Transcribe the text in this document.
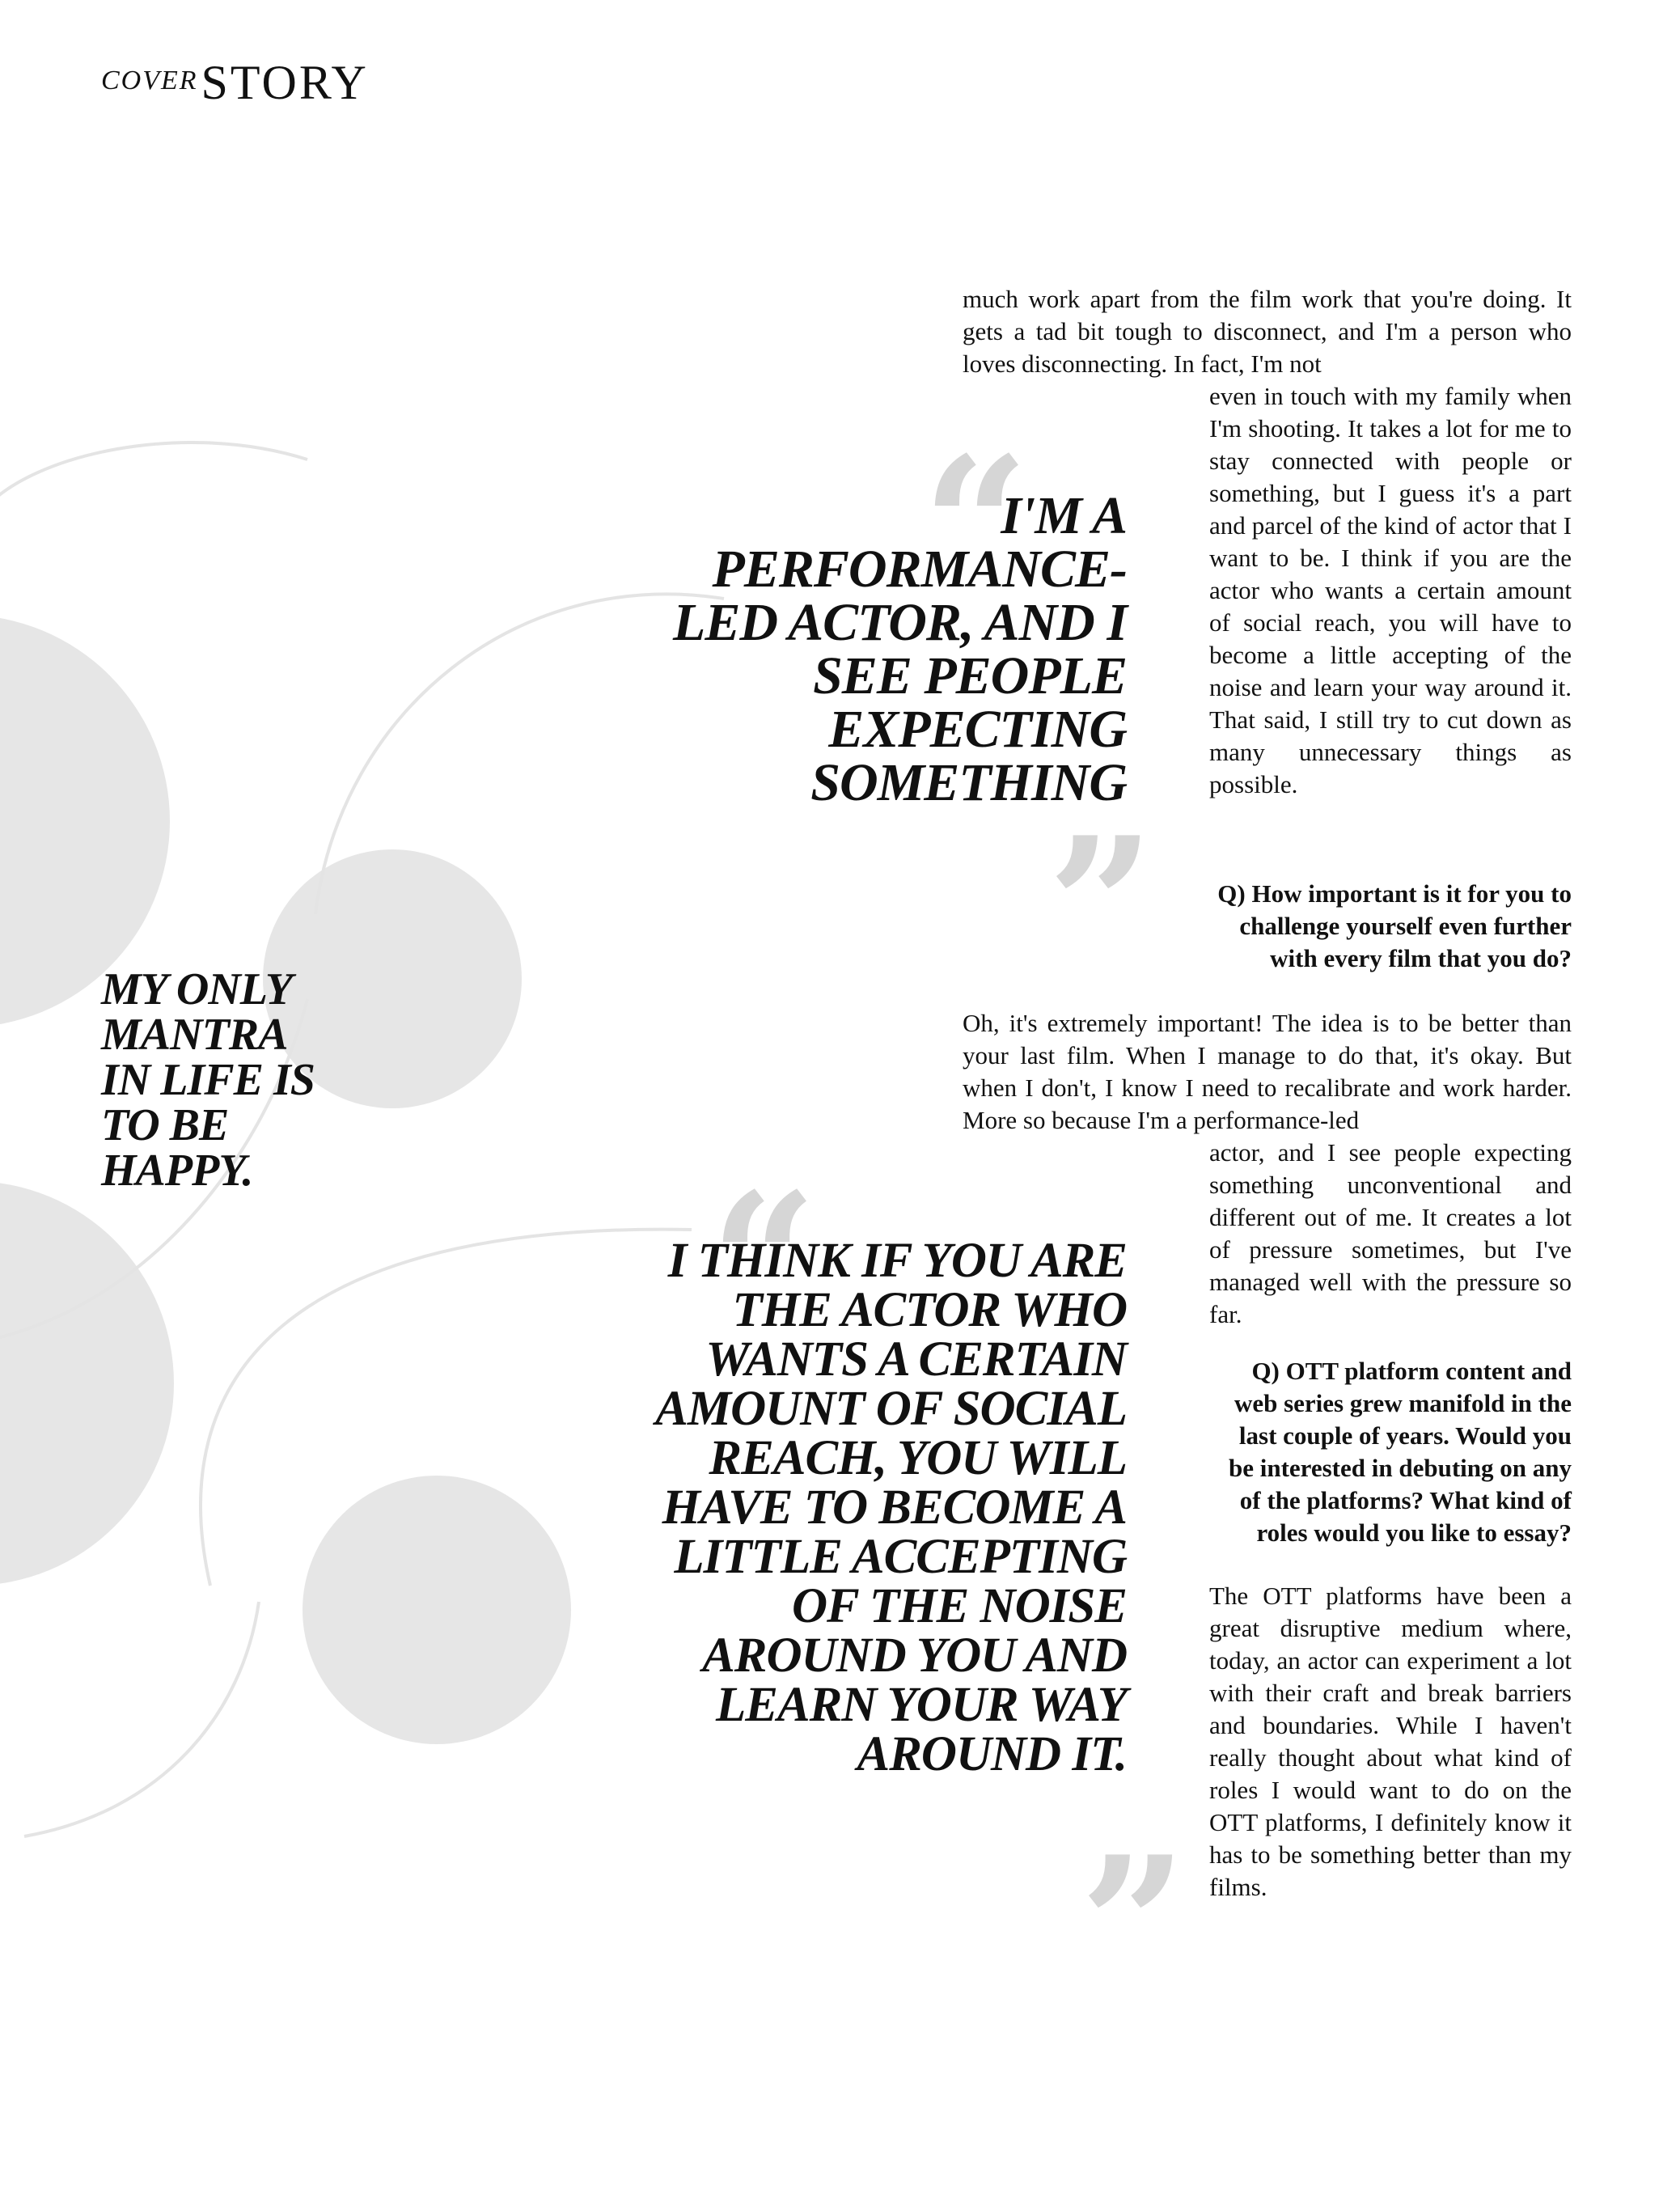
COVERSTORY
“
”
“
”
I'M A PERFORMANCE-LED ACTOR, AND I SEE PEOPLE EXPECTING SOMETHING
I THINK IF YOU ARE THE ACTOR WHO WANTS A CERTAIN AMOUNT OF SOCIAL REACH, YOU WILL HAVE TO BECOME A LITTLE ACCEPTING OF THE NOISE AROUND YOU AND LEARN YOUR WAY AROUND IT.
MY ONLY MANTRA IN LIFE IS TO BE HAPPY.
much work apart from the film work that you're doing. It gets a tad bit tough to disconnect, and I'm a person who loves disconnecting. In fact, I'm not
even in touch with my family when I'm shooting. It takes a lot for me to stay connected with people or something, but I guess it's a part and parcel of the kind of actor that I want to be. I think if you are the actor who wants a certain amount of social reach, you will have to become a little accepting of the noise and learn your way around it. That said, I still try to cut down as many unnecessary things as possible.
Q) How important is it for you to challenge yourself even further with every film that you do?
Oh, it's extremely important! The idea is to be better than your last film. When I manage to do that, it's okay. But when I don't, I know I need to recalibrate and work harder. More so because I'm a performance-led
actor, and I see people expecting something unconventional and different out of me. It creates a lot of pressure sometimes, but I've managed well with the pressure so far.
Q) OTT platform content and web series grew manifold in the last couple of years. Would you be interested in debuting on any of the platforms? What kind of roles would you like to essay?
The OTT platforms have been a great disruptive medium where, today, an actor can experiment a lot with their craft and break barriers and boundaries. While I haven't really thought about what kind of roles I would want to do on the OTT platforms, I definitely know it has to be something better than my films.
